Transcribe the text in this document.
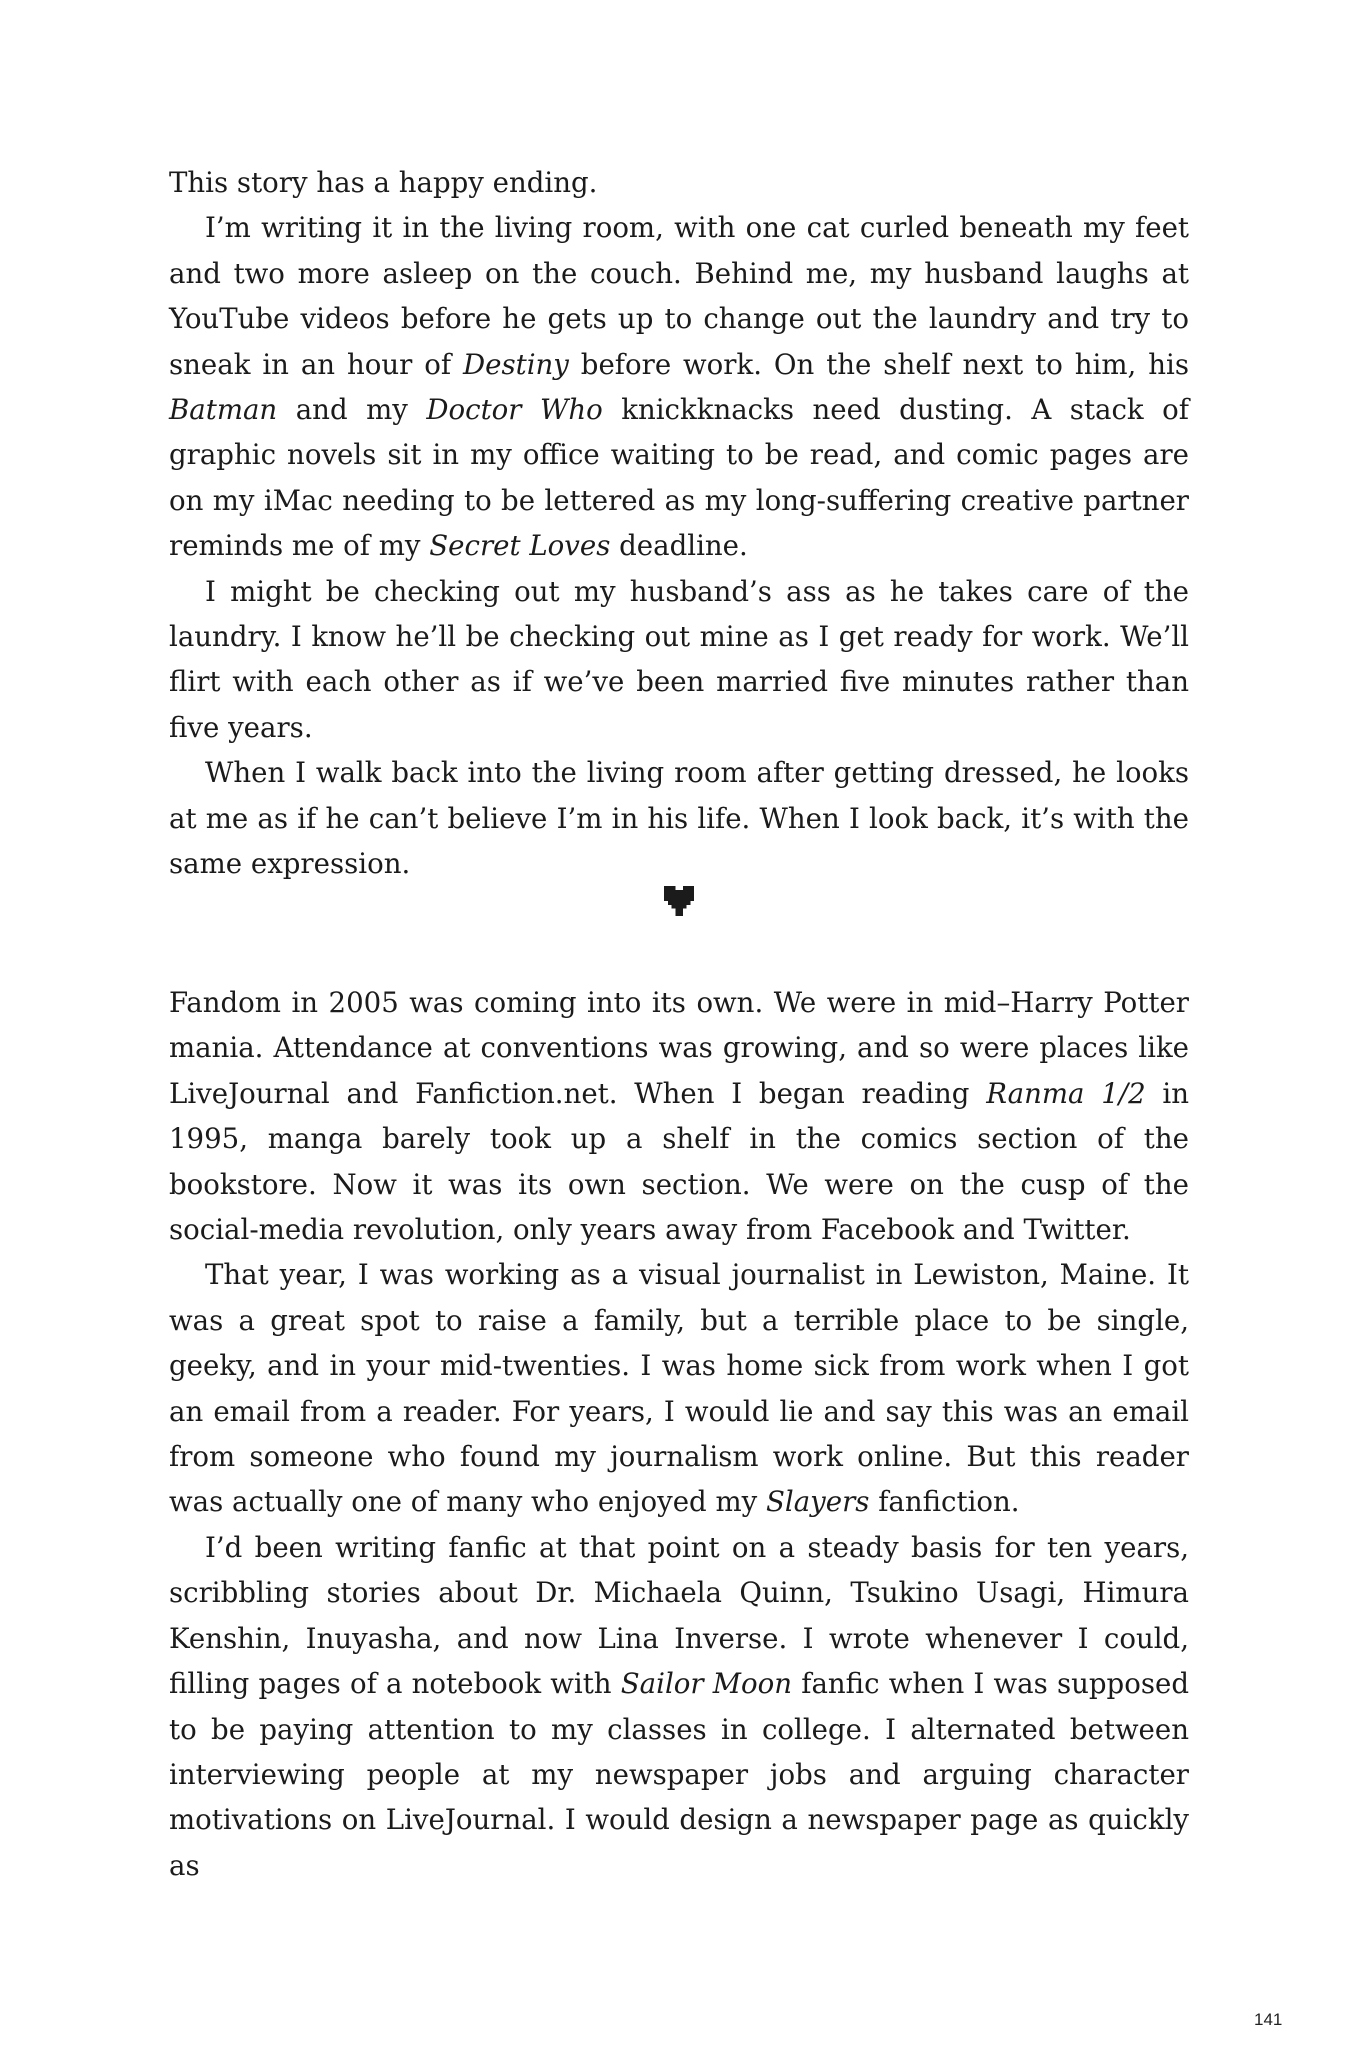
This story has a happy ending.

I’m writing it in the living room, with one cat curled beneath my feet and two more asleep on the couch. Behind me, my husband laughs at YouTube videos before he gets up to change out the laundry and try to sneak in an hour of Destiny before work. On the shelf next to him, his Batman and my Doctor Who knickknacks need dusting. A stack of graphic novels sit in my office waiting to be read, and comic pages are on my iMac needing to be lettered as my long-suffering creative partner reminds me of my Secret Loves deadline.

I might be checking out my husband’s ass as he takes care of the laundry. I know he’ll be checking out mine as I get ready for work. We’ll flirt with each other as if we’ve been married five minutes rather than five years.

When I walk back into the living room after getting dressed, he looks at me as if he can’t believe I’m in his life. When I look back, it’s with the same expression.

Fandom in 2005 was coming into its own. We were in mid–Harry Potter mania. Attendance at conventions was growing, and so were places like LiveJournal and Fanfiction.net. When I began reading Ranma 1/2 in 1995, manga barely took up a shelf in the comics section of the bookstore. Now it was its own section. We were on the cusp of the social-media revolution, only years away from Facebook and Twitter.

That year, I was working as a visual journalist in Lewiston, Maine. It was a great spot to raise a family, but a terrible place to be single, geeky, and in your mid-twenties. I was home sick from work when I got an email from a reader. For years, I would lie and say this was an email from someone who found my journalism work online. But this reader was actually one of many who enjoyed my Slayers fanfiction.

I’d been writing fanfic at that point on a steady basis for ten years, scribbling stories about Dr. Michaela Quinn, Tsukino Usagi, Himura Kenshin, Inuyasha, and now Lina Inverse. I wrote whenever I could, filling pages of a notebook with Sailor Moon fanfic when I was supposed to be paying attention to my classes in college. I alternated between interviewing people at my newspaper jobs and arguing character motivations on LiveJournal. I would design a newspaper page as quickly as

141
